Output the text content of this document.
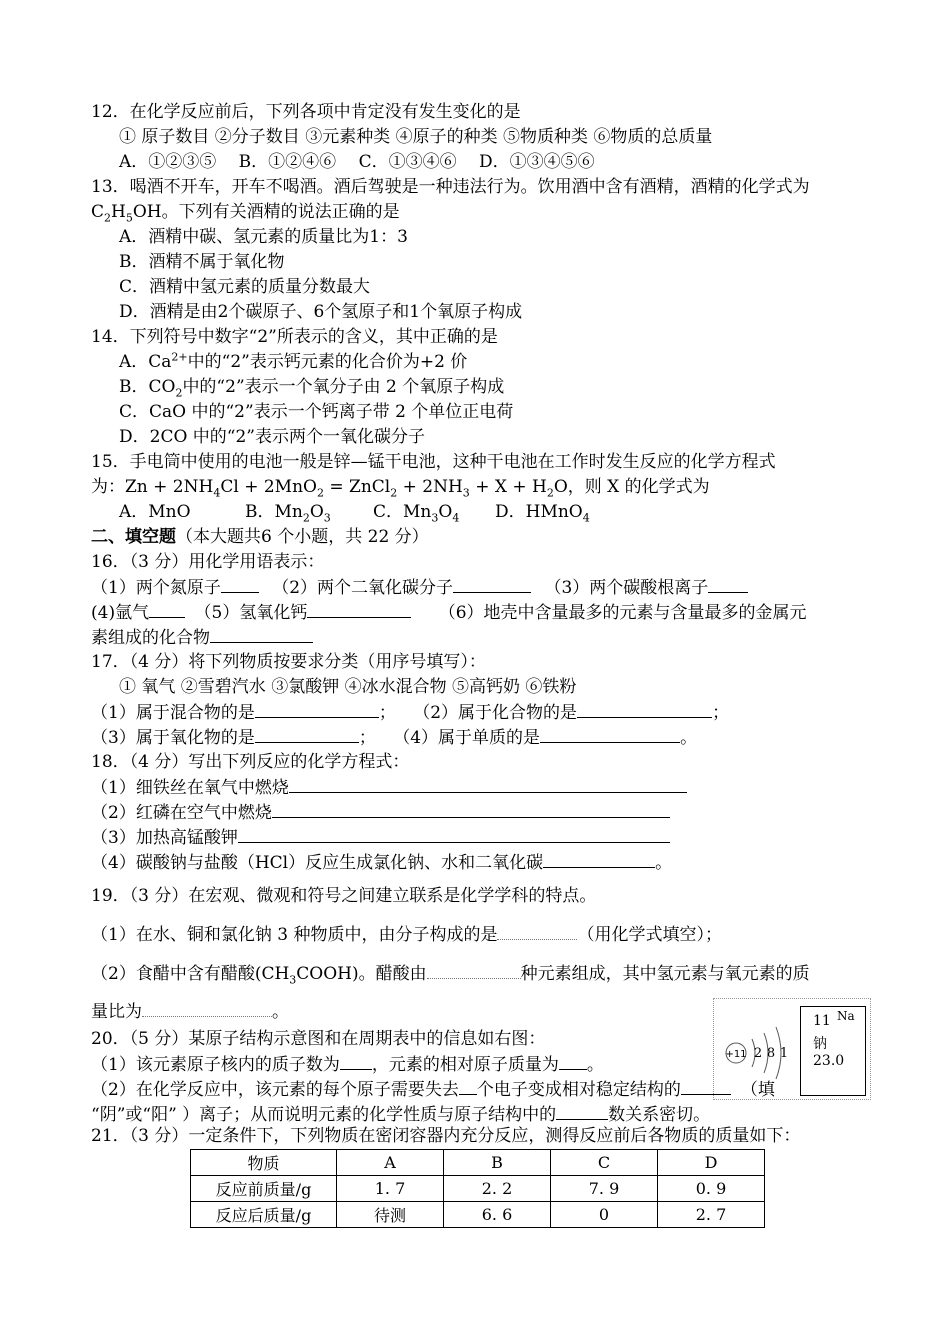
12．在化学反应前后，下列各项中肯定没有发生变化的是
① 原子数目 ②分子数目 ③元素种类 ④原子的种类 ⑤物质种类 ⑥物质的总质量
A．①②③⑤　 B．①②④⑥　 C．①③④⑥　 D．①③④⑤⑥
13．喝酒不开车，开车不喝酒。酒后驾驶是一种违法行为。饮用酒中含有酒精，酒精的化学式为
$C_2H_5OH$。下列有关酒精的说法正确的是
A．酒精中碳、氢元素的质量比为1：3
B．酒精不属于氧化物
C．酒精中氢元素的质量分数最大
D．酒精是由2个碳原子、6个氢原子和1个氧原子构成
14．下列符号中数字“2”所表示的含义，其中正确的是
A．$Ca^{2+}$中的“2”表示钙元素的化合价为+2 价
B．$CO_2$中的“2”表示一个氧分子由 2 个氧原子构成
C．CaO 中的“2”表示一个钙离子带 2 个单位正电荷
D．2CO 中的“2”表示两个一氧化碳分子
15．手电筒中使用的电池一般是锌—锰干电池，这种干电池在工作时发生反应的化学方程式
为：$Zn + 2NH_4Cl + 2MnO_2$ = ZnCl$_2$ + $2NH_3 + X + H_2O$，则 X 的化学式为
A．MnO	B．$Mn_2O_3$ C．$Mn_3O_4$ D．HMnO$_4$
二、填空题（本大题共6 个小题，共 22 分）
16．（3 分）用化学用语表示：
（1）两个氮原子	（2）两个二氧化碳分子	（3）两个碳酸根离子
(4)氩气	（5）氢氧化钙	（6）地壳中含量最多的元素与含量最多的金属元
素组成的化合物
17．（4 分）将下列物质按要求分类（用序号填写）：
① 氧气 ②雪碧汽水 ③氯酸钾 ④冰水混合物 ⑤高钙奶 ⑥铁粉
（1）属于混合物的是	； （2）属于化合物的是	；
（3）属于氧化物的是	； （4）属于单质的是	。
18．（4 分）写出下列反应的化学方程式：
（1）细铁丝在氧气中燃烧
（2）红磷在空气中燃烧
（3）加热高锰酸钾
（4）碳酸钠与盐酸（HCl）反应生成氯化钠、水和二氧化碳	。
19．（3 分）在宏观、微观和符号之间建立联系是化学学科的特点。
（1）在水、铜和氯化钠 3 种物质中，由分子构成的是	（用化学式填空）；
（2）食醋中含有醋酸$(CH_3COOH)$。醋酸由	种元素组成，其中氢元素与氧元素的质
量比为	。
20．（5 分）某原子结构示意图和在周期表中的信息如右图：
（1）该元素原子核内的质子数为 ，元素的相对原子质量为 。
（2）在化学反应中，该元素的每个原子需要失去 个电子变成相对稳定结构的	（填
“阴”或“阳” ）离子；从而说明元素的化学性质与原子结构中的	数关系密切。
+11 2 8 1
11 Na
钠
23.0
21．（3 分）一定条件下，下列物质在密闭容器内充分反应，测得反应前后各物质的质量如下：
物质	A	B	C	D
反应前质量/g	1. 7	2. 2	7. 9	0. 9
反应后质量/g	待测	6. 6	0	2. 7
